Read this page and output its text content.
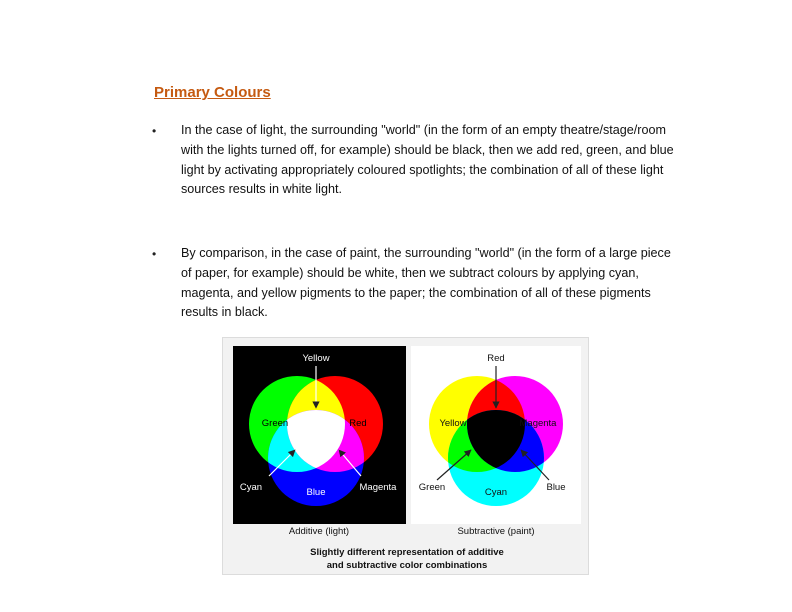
Primary Colours
• In the case of light, the surrounding "world" (in the form of an empty theatre/stage/room with the lights turned off, for example) should be black, then we add red, green, and blue light by activating appropriately coloured spotlights; the combination of all of these light sources results in white light.
• By comparison, in the case of paint, the surrounding "world" (in the form of a large piece of paper, for example) should be white, then we subtract colours by applying cyan, magenta, and yellow pigments to the paper; the combination of all of these pigments results in black.
Yellow
Green	Red
Cyan	Blue	Magenta
Additive (light)
Red
Yellow	Magenta
Green	Cyan	Blue
Subtractive (paint)
Slightly different representation of additive
and subtractive color combinations
